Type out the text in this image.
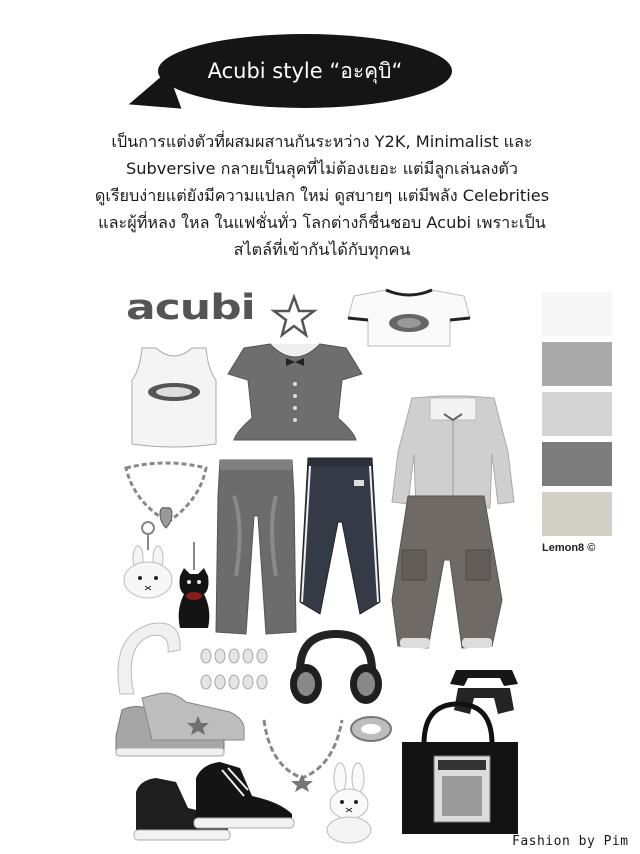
Acubi style “อะคุบิ“
เป็นการแต่งตัวที่ผสมผสานกันระหว่าง Y2K, Minimalist และ
Subversive กลายเป็นลุคที่ไม่ต้องเยอะ แต่มีลูกเล่นลงตัว
ดูเรียบง่ายแต่ยังมีความแปลก ใหม่ ดูสบายๆ แต่มีพลัง Celebrities
และผู้ที่หลง ใหล ในแฟชั่นทั่ว โลกต่างก็ชื่นชอบ Acubi เพราะเป็น
สไตล์ที่เข้ากันได้กับทุกคน
acubi
Lemon8 ©
Fashion by Pim
